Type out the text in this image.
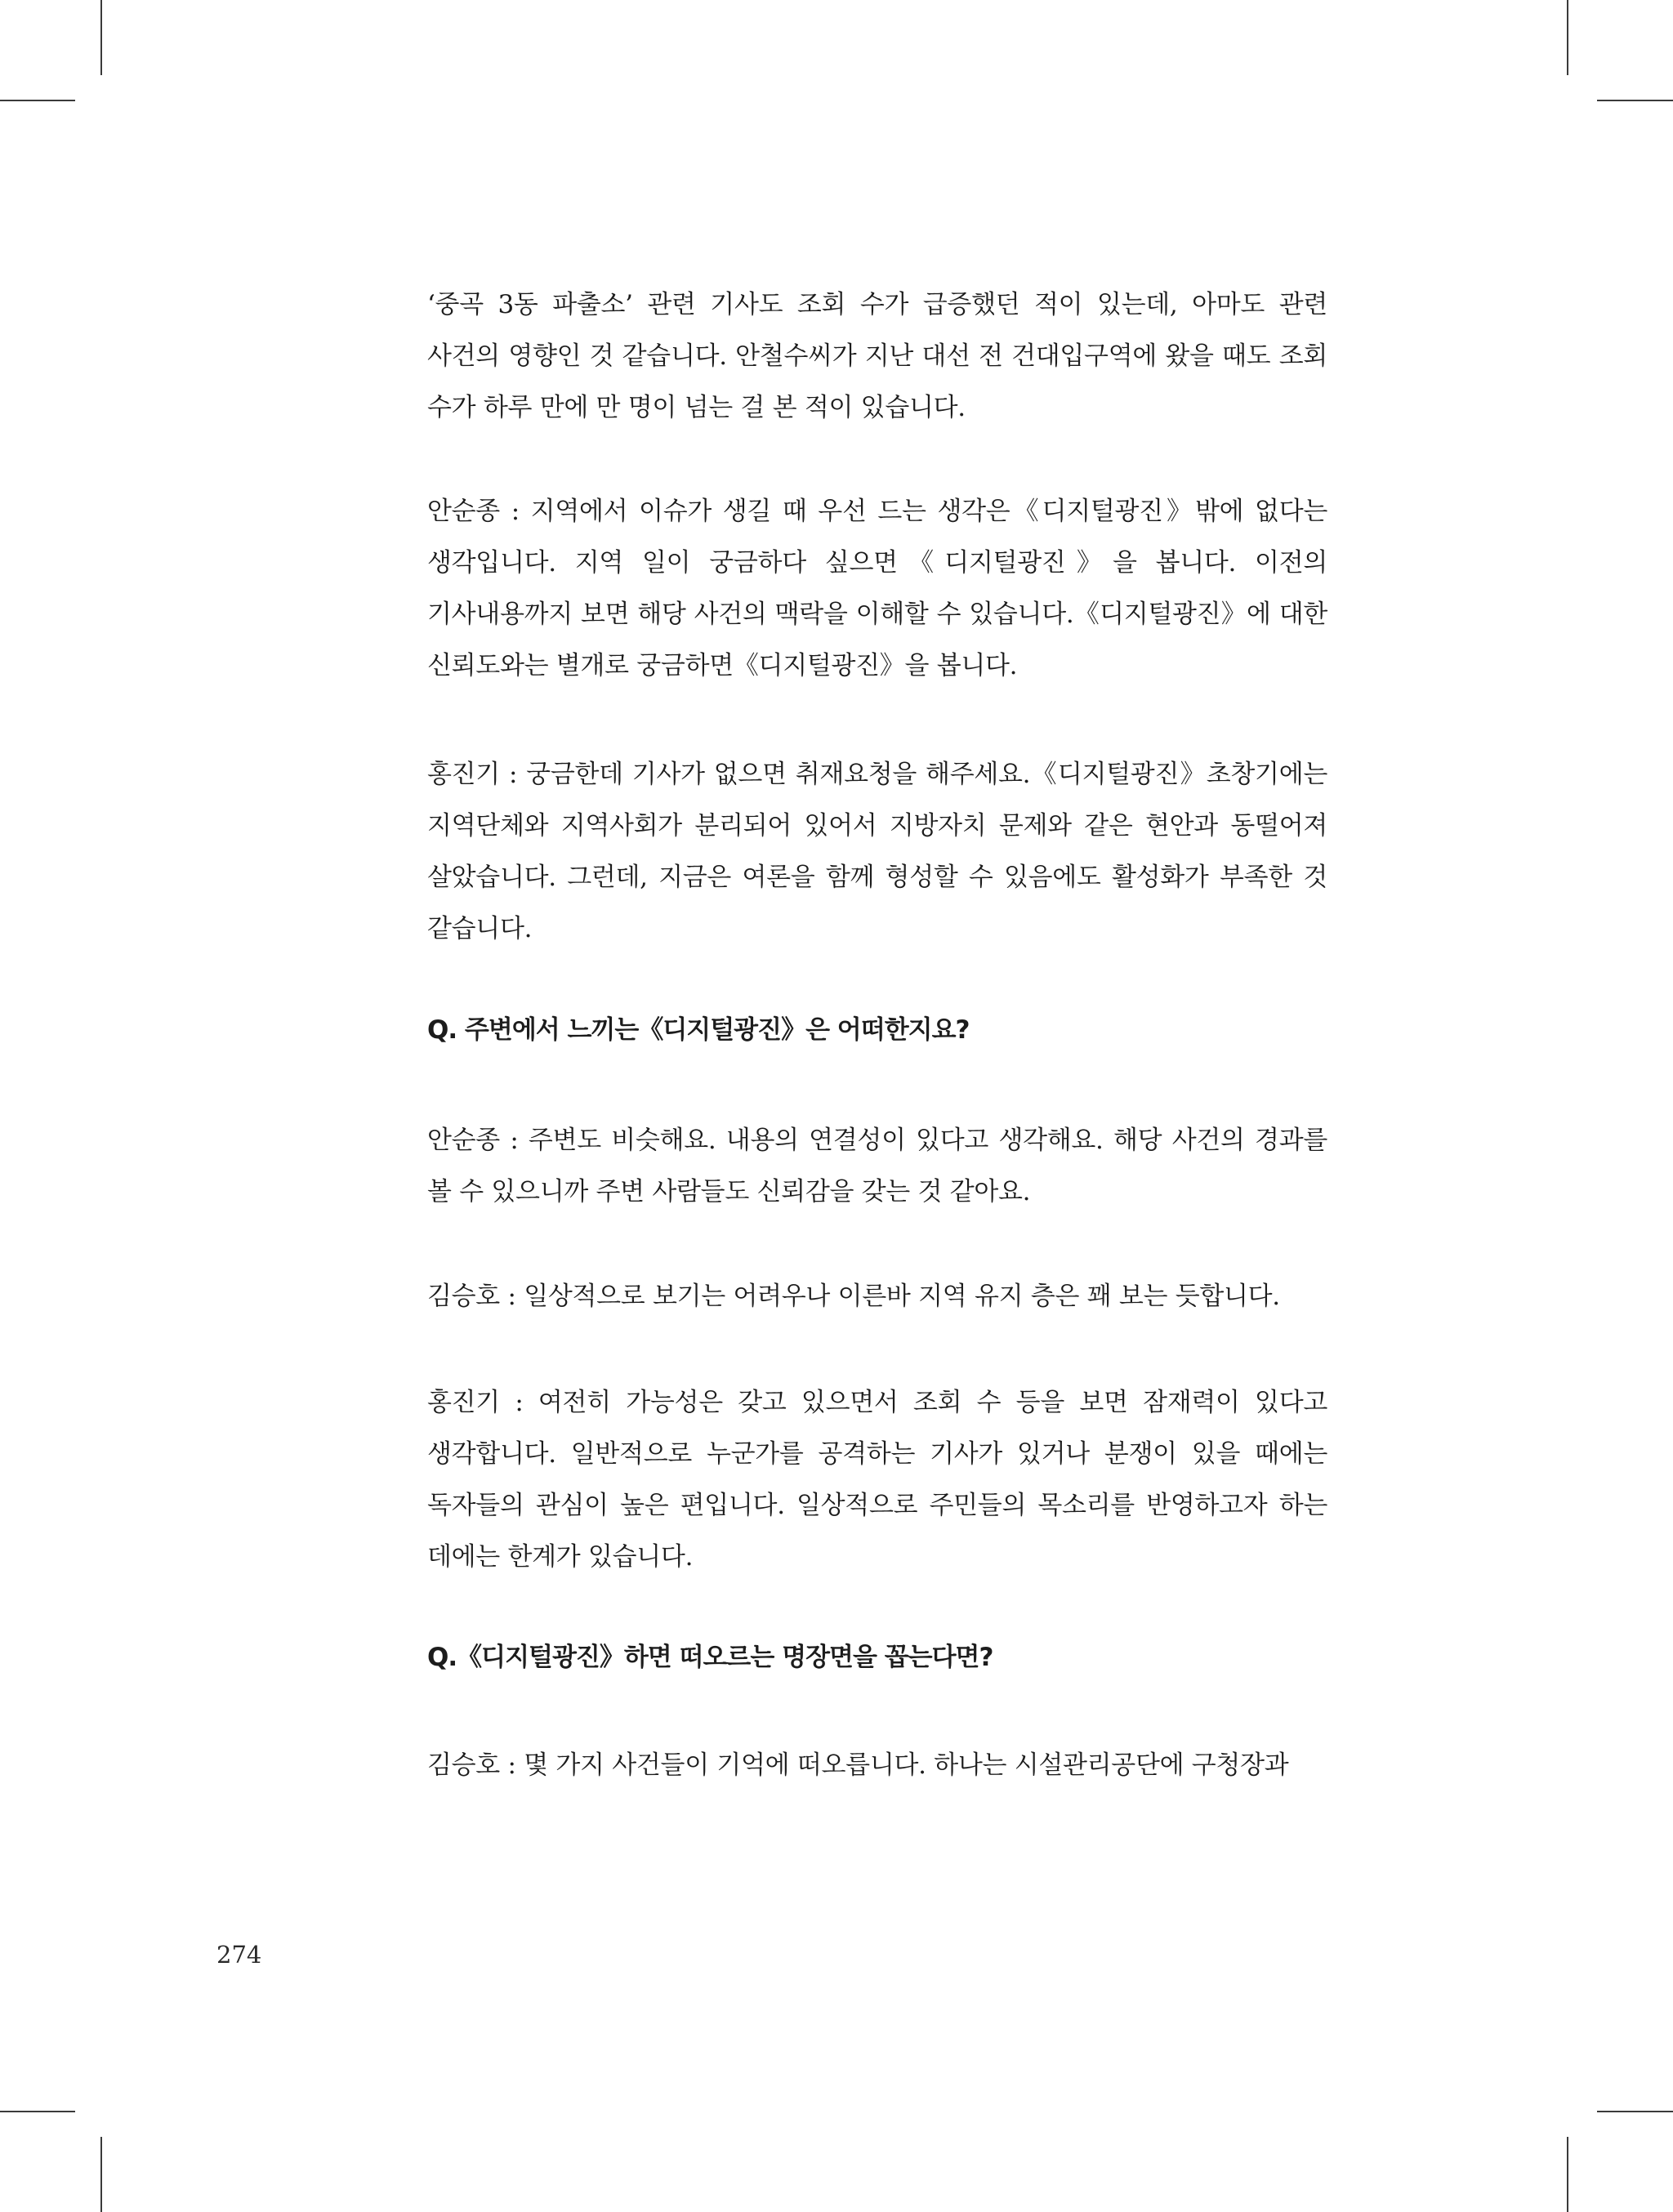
‘중곡 3동 파출소’ 관련 기사도 조회 수가 급증했던 적이 있는데, 아마도 관련 사건의 영향인 것 같습니다. 안철수씨가 지난 대선 전 건대입구역에 왔을 때도 조회 수가 하루 만에 만 명이 넘는 걸 본 적이 있습니다.

안순종 : 지역에서 이슈가 생길 때 우선 드는 생각은《디지털광진》밖에 없다는 생각입니다. 지역 일이 궁금하다 싶으면《디지털광진》을 봅니다. 이전의 기사내용까지 보면 해당 사건의 맥락을 이해할 수 있습니다.《디지털광진》에 대한 신뢰도와는 별개로 궁금하면《디지털광진》을 봅니다.

홍진기 : 궁금한데 기사가 없으면 취재요청을 해주세요.《디지털광진》초창기에는 지역단체와 지역사회가 분리되어 있어서 지방자치 문제와 같은 현안과 동떨어져 살았습니다. 그런데, 지금은 여론을 함께 형성할 수 있음에도 활성화가 부족한 것 같습니다.

Q. 주변에서 느끼는《디지털광진》은 어떠한지요?

안순종 : 주변도 비슷해요. 내용의 연결성이 있다고 생각해요. 해당 사건의 경과를 볼 수 있으니까 주변 사람들도 신뢰감을 갖는 것 같아요.

김승호 : 일상적으로 보기는 어려우나 이른바 지역 유지 층은 꽤 보는 듯합니다.

홍진기 : 여전히 가능성은 갖고 있으면서 조회 수 등을 보면 잠재력이 있다고 생각합니다. 일반적으로 누군가를 공격하는 기사가 있거나 분쟁이 있을 때에는 독자들의 관심이 높은 편입니다. 일상적으로 주민들의 목소리를 반영하고자 하는 데에는 한계가 있습니다.

Q.《디지털광진》하면 떠오르는 명장면을 꼽는다면?

김승호 : 몇 가지 사건들이 기억에 떠오릅니다. 하나는 시설관리공단에 구청장과

274
